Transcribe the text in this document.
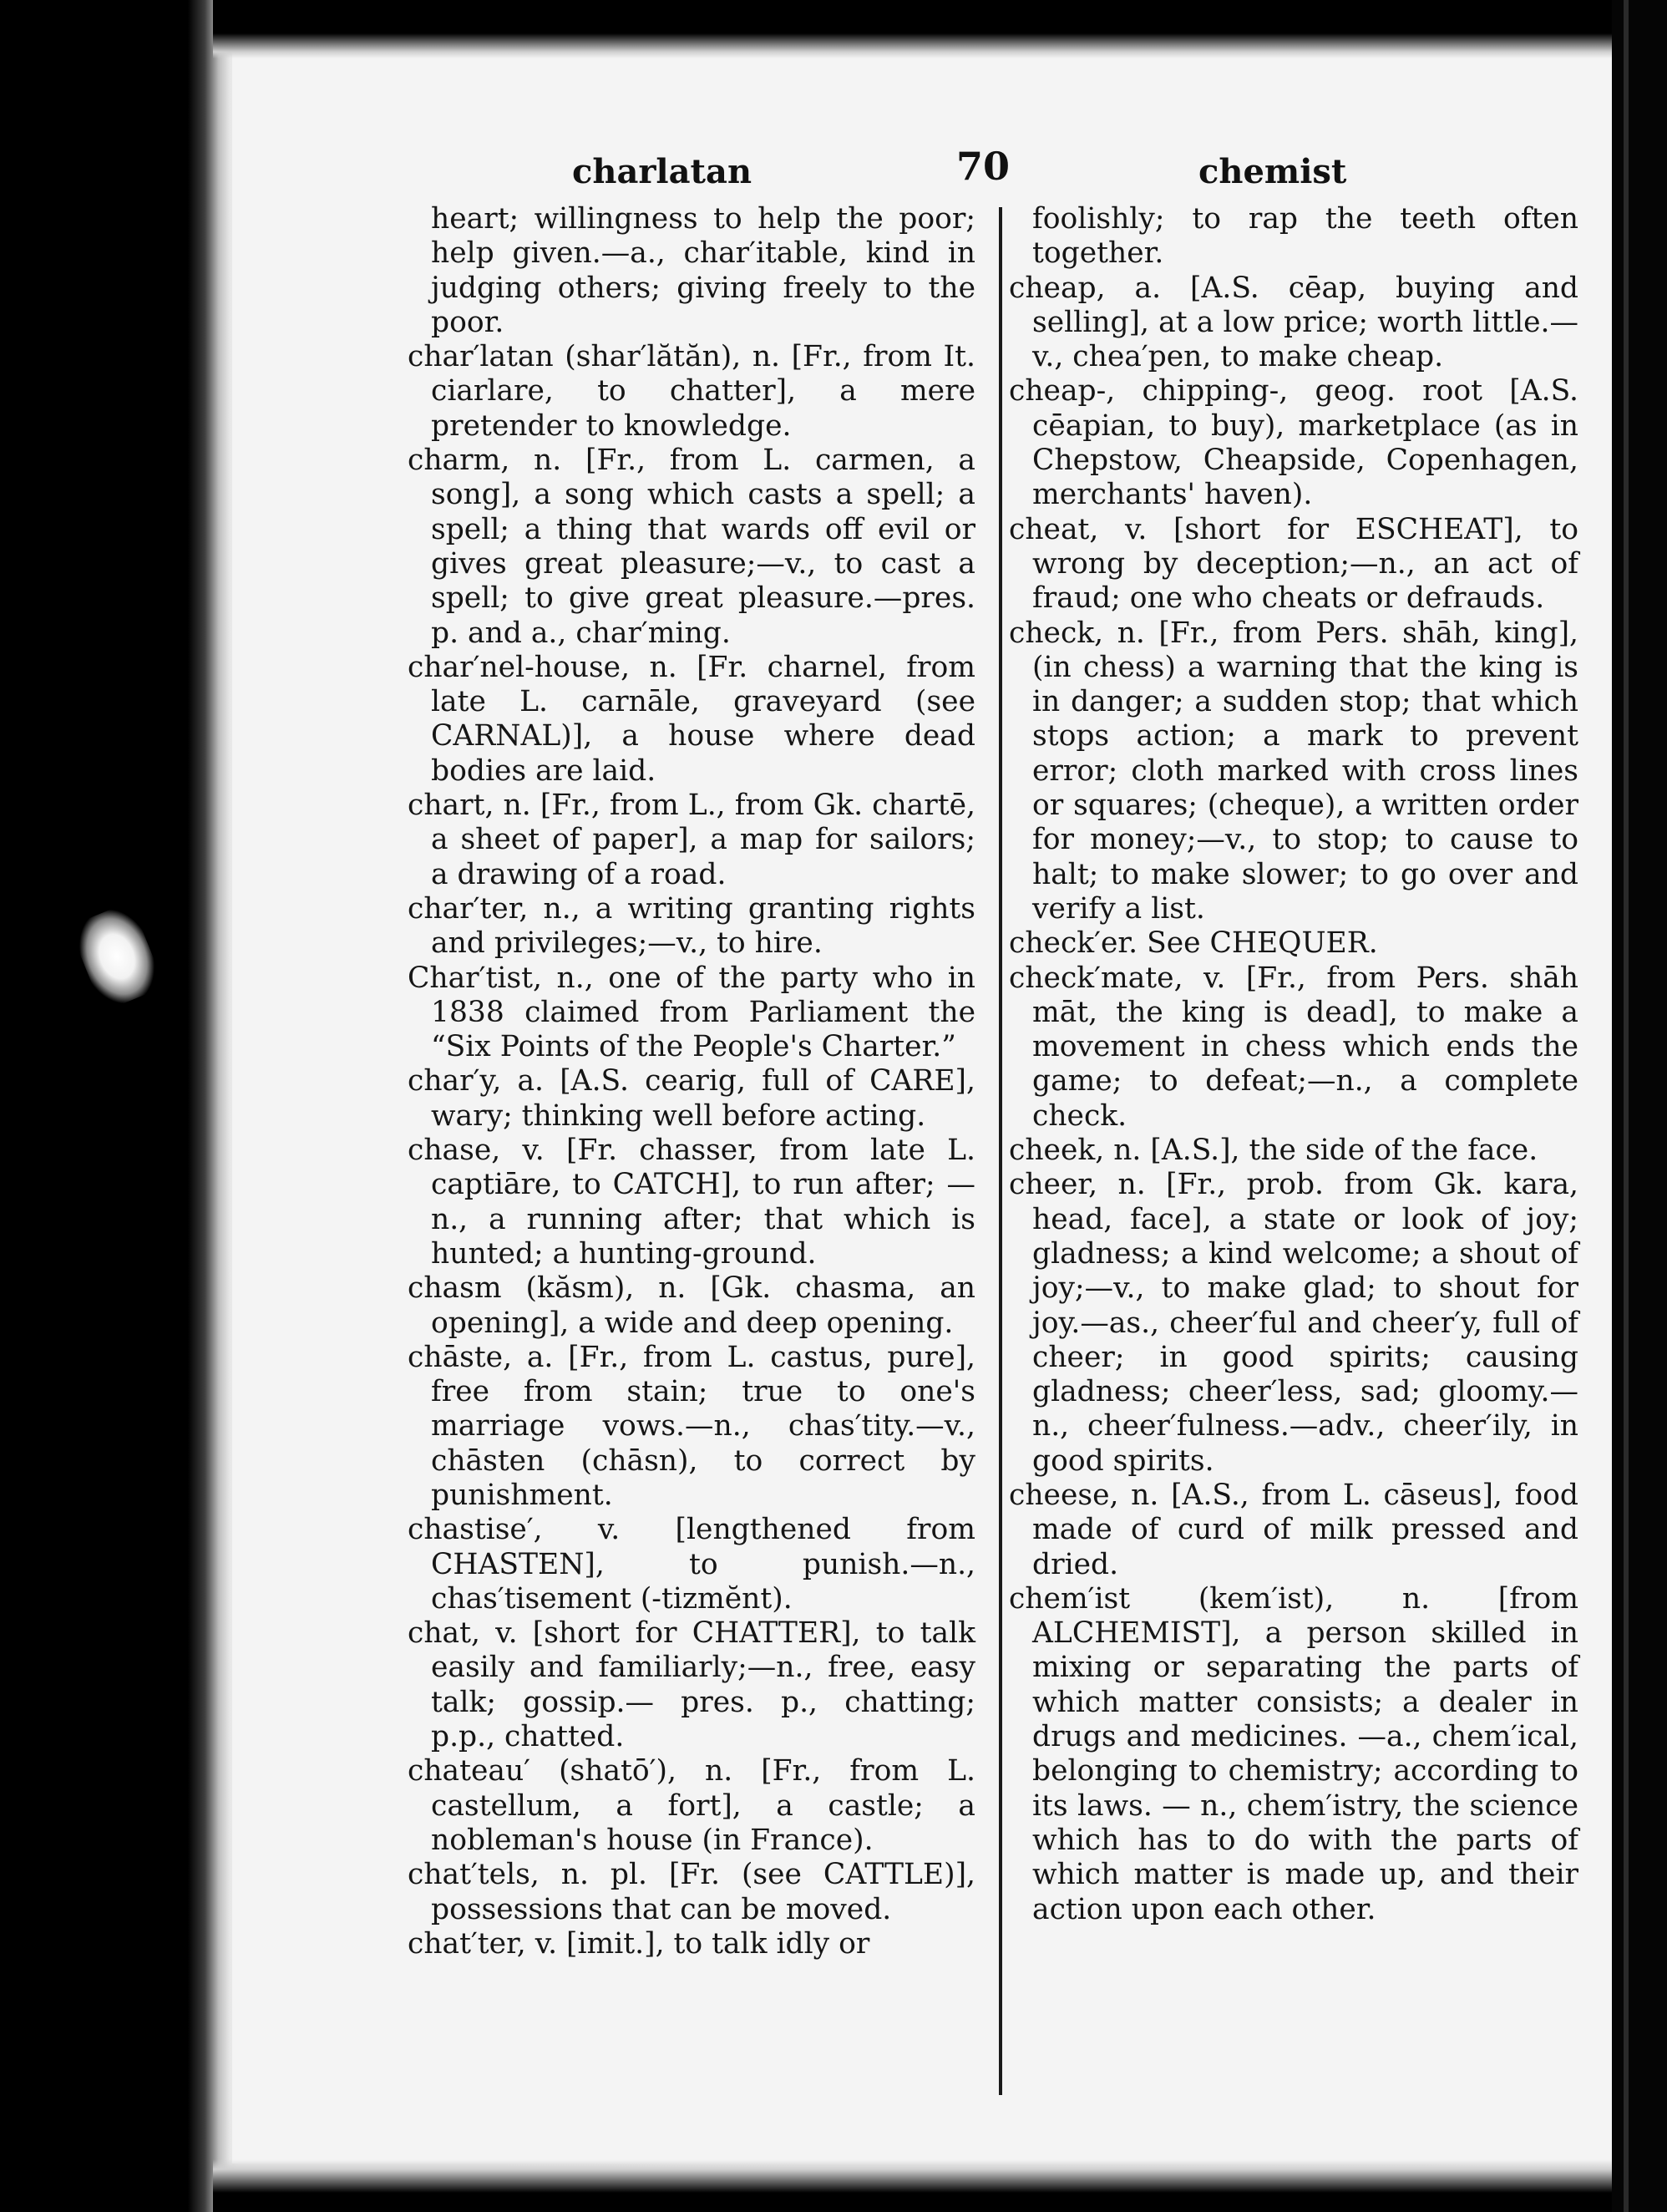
charlatan	70	chemist

heart; willingness to help the poor; help given.—a., char′itable, kind in judging others; giving freely to the poor.

char′latan (shar′lătăn), n. [Fr., from It. ciarlare, to chatter], a mere pretender to knowledge.

charm, n. [Fr., from L. carmen, a song], a song which casts a spell; a spell; a thing that wards off evil or gives great pleasure;—v., to cast a spell; to give great pleasure.—pres. p. and a., char′ming.

char′nel-house, n. [Fr. charnel, from late L. carnāle, graveyard (see CARNAL)], a house where dead bodies are laid.

chart, n. [Fr., from L., from Gk. chartē, a sheet of paper], a map for sailors; a drawing of a road.

char′ter, n., a writing granting rights and privileges;—v., to hire.

Char′tist, n., one of the party who in 1838 claimed from Parliament the “Six Points of the People's Charter.”

char′y, a. [A.S. cearig, full of CARE], wary; thinking well before acting.

chase, v. [Fr. chasser, from late L. captiāre, to CATCH], to run after; —n., a running after; that which is hunted; a hunting-ground.

chasm (kăsm), n. [Gk. chasma, an opening], a wide and deep opening.

chāste, a. [Fr., from L. castus, pure], free from stain; true to one's marriage vows.—n., chas′tity.—v., chāsten (chāsn), to correct by punishment.

chastise′, v. [lengthened from CHASTEN], to punish.—n., chas′tisement (-tizmĕnt).

chat, v. [short for CHATTER], to talk easily and familiarly;—n., free, easy talk; gossip.— pres. p., chatting; p.p., chatted.

chateau′ (shatō′), n. [Fr., from L. castellum, a fort], a castle; a nobleman's house (in France).

chat′tels, n. pl. [Fr. (see CATTLE)], possessions that can be moved.

chat′ter, v. [imit.], to talk idly or

foolishly; to rap the teeth often together.

cheap, a. [A.S. cēap, buying and selling], at a low price; worth little.—v., chea′pen, to make cheap.

cheap-, chipping-, geog. root [A.S. cēapian, to buy), marketplace (as in Chepstow, Cheapside, Copenhagen, merchants' haven).

cheat, v. [short for ESCHEAT], to wrong by deception;—n., an act of fraud; one who cheats or defrauds.

check, n. [Fr., from Pers. shāh, king], (in chess) a warning that the king is in danger; a sudden stop; that which stops action; a mark to prevent error; cloth marked with cross lines or squares; (cheque), a written order for money;—v., to stop; to cause to halt; to make slower; to go over and verify a list.

check′er. See CHEQUER.

check′mate, v. [Fr., from Pers. shāh māt, the king is dead], to make a movement in chess which ends the game; to defeat;—n., a complete check.

cheek, n. [A.S.], the side of the face.

cheer, n. [Fr., prob. from Gk. kara, head, face], a state or look of joy; gladness; a kind welcome; a shout of joy;—v., to make glad; to shout for joy.—as., cheer′ful and cheer′y, full of cheer; in good spirits; causing gladness; cheer′less, sad; gloomy.—n., cheer′fulness.—adv., cheer′ily, in good spirits.

cheese, n. [A.S., from L. cāseus], food made of curd of milk pressed and dried.

chem′ist (kem′ist), n. [from ALCHEMIST], a person skilled in mixing or separating the parts of which matter consists; a dealer in drugs and medicines. —a., chem′ical, belonging to chemistry; according to its laws. — n., chem′istry, the science which has to do with the parts of which matter is made up, and their action upon each other.
